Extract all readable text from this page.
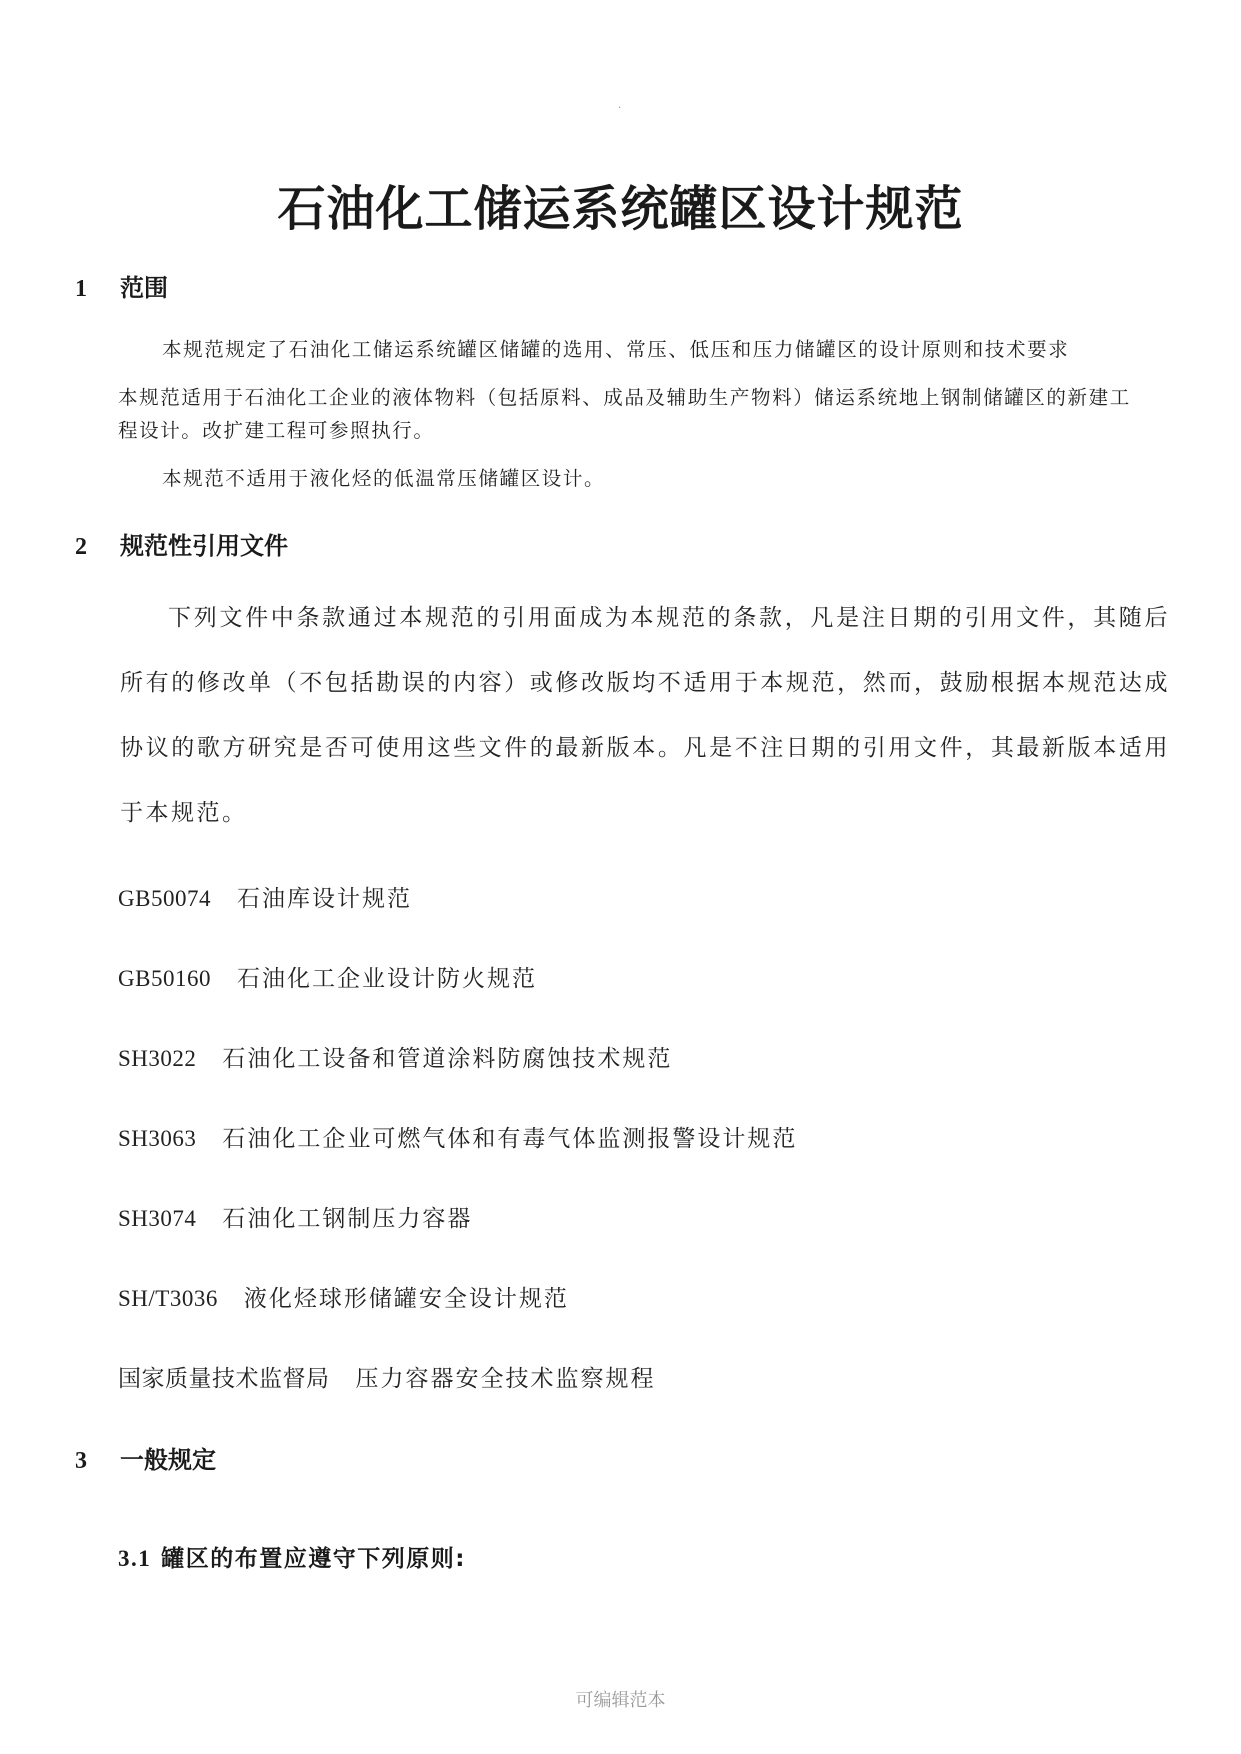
.
石油化工储运系统罐区设计规范
1 范围
本规范规定了石油化工储运系统罐区储罐的选用、常压、低压和压力储罐区的设计原则和技术要求
本规范适用于石油化工企业的液体物料（包括原料、成品及辅助生产物料）储运系统地上钢制储罐区的新建工
程设计。改扩建工程可参照执行。
本规范不适用于液化烃的低温常压储罐区设计。
2 规范性引用文件
下列文件中条款通过本规范的引用面成为本规范的条款，凡是注日期的引用文件，其随后所有的修改单（不包括勘误的内容）或修改版均不适用于本规范，然而，鼓励根据本规范达成协议的歌方研究是否可使用这些文件的最新版本。凡是不注日期的引用文件，其最新版本适用于本规范。
GB50074 石油库设计规范
GB50160 石油化工企业设计防火规范
SH3022 石油化工设备和管道涂料防腐蚀技术规范
SH3063 石油化工企业可燃气体和有毒气体监测报警设计规范
SH3074 石油化工钢制压力容器
SH/T3036 液化烃球形储罐安全设计规范
国家质量技术监督局 压力容器安全技术监察规程
3 一般规定
3.1 罐区的布置应遵守下列原则:
可编辑范本
